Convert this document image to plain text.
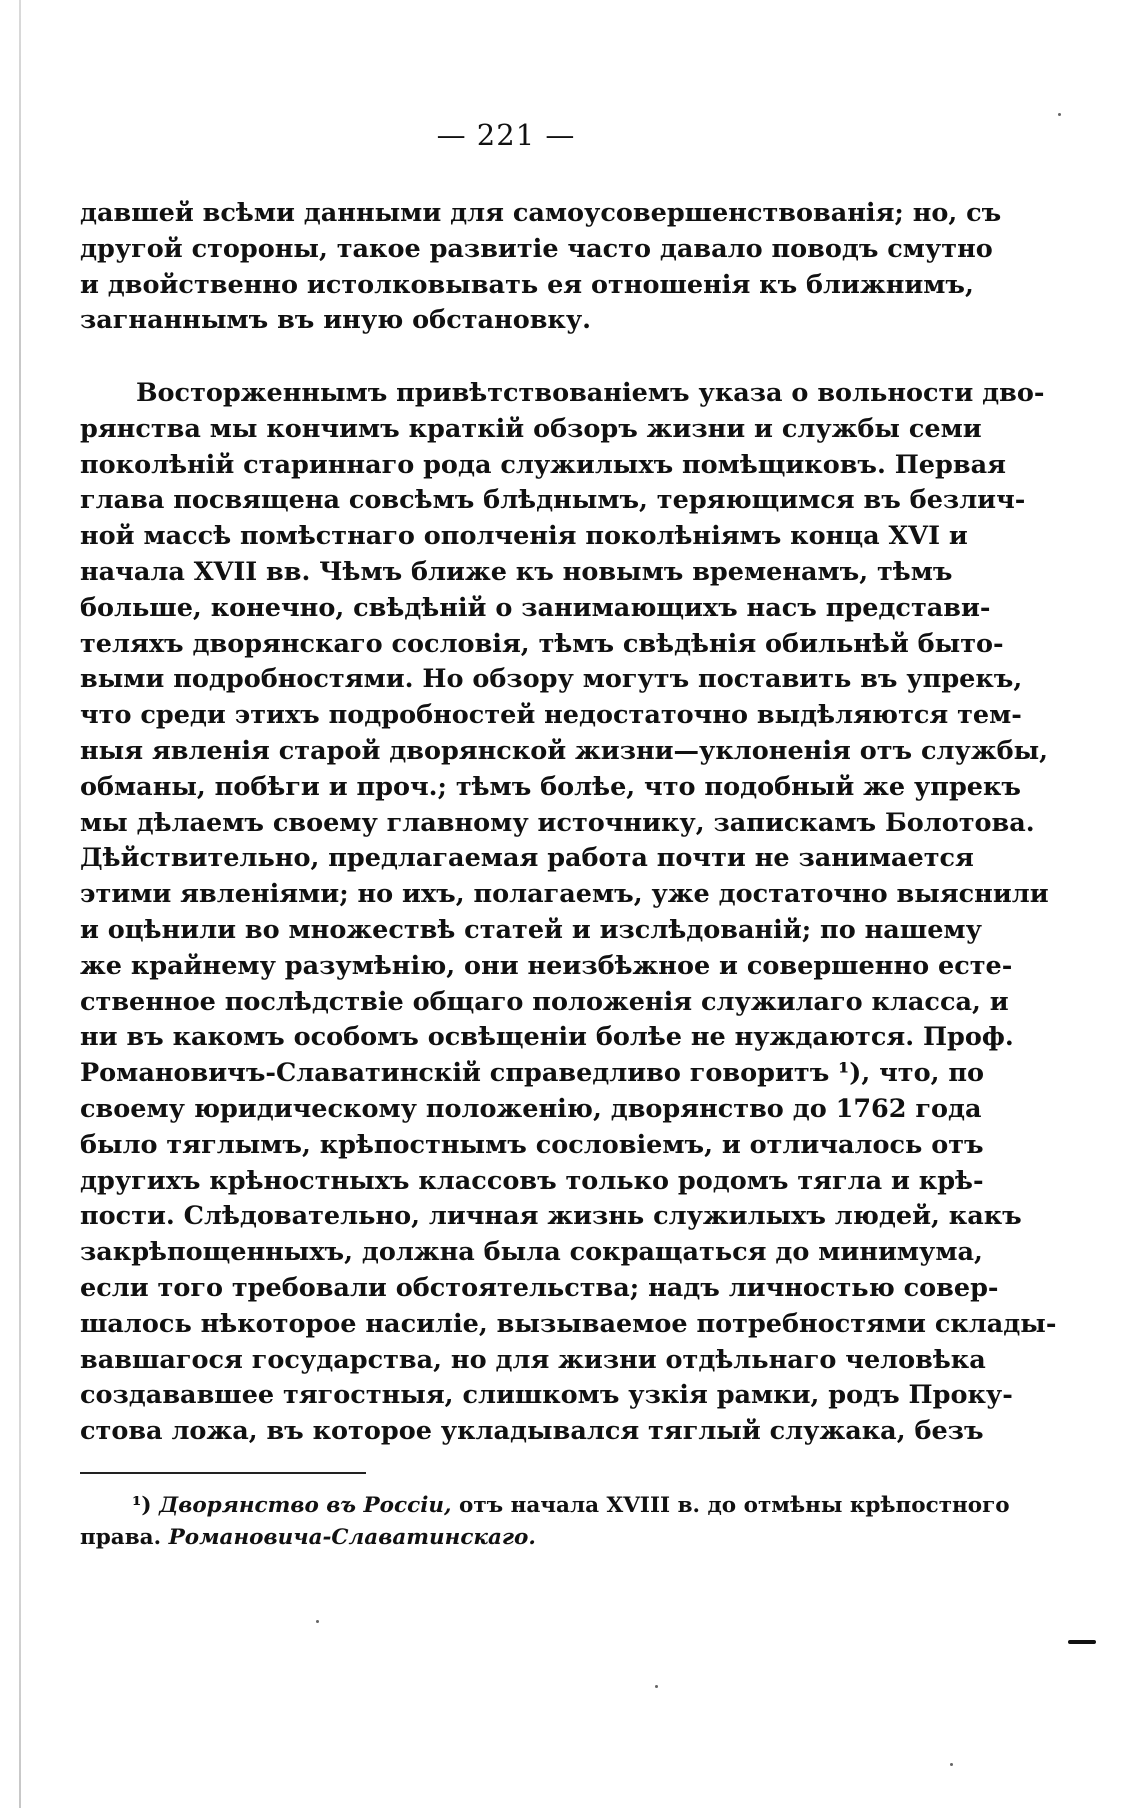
— 221 —
давшей всѣми данными для самоусовершенствованія; но, съ
другой стороны, такое развитіе часто давало поводъ смутно
и двойственно истолковывать ея отношенія къ ближнимъ,
загнаннымъ въ иную обстановку.
Восторженнымъ привѣтствованіемъ указа о вольности дво-
рянства мы кончимъ краткій обзоръ жизни и службы семи
поколѣній стариннаго рода служилыхъ помѣщиковъ. Первая
глава посвящена совсѣмъ блѣднымъ, теряющимся въ безлич-
ной массѣ помѣстнаго ополченія поколѣніямъ конца XVI и
начала XVII вв. Чѣмъ ближе къ новымъ временамъ, тѣмъ
больше, конечно, свѣдѣній о занимающихъ насъ представи-
теляхъ дворянскаго сословія, тѣмъ свѣдѣнія обильнѣй быто-
выми подробностями. Но обзору могутъ поставить въ упрекъ,
что среди этихъ подробностей недостаточно выдѣляются тем-
ныя явленія старой дворянской жизни—уклоненія отъ службы,
обманы, побѣги и проч.; тѣмъ болѣе, что подобный же упрекъ
мы дѣлаемъ своему главному источнику, запискамъ Болотова.
Дѣйствительно, предлагаемая работа почти не занимается
этими явленіями; но ихъ, полагаемъ, уже достаточно выяснили
и оцѣнили во множествѣ статей и изслѣдованій; по нашему
же крайнему разумѣнію, они неизбѣжное и совершенно есте-
ственное послѣдствіе общаго положенія служилаго класса, и
ни въ какомъ особомъ освѣщеніи болѣе не нуждаются. Проф.
Романовичъ-Славатинскій справедливо говоритъ ¹), что, по
своему юридическому положенію, дворянство до 1762 года
было тяглымъ, крѣпостнымъ сословіемъ, и отличалось отъ
другихъ крѣностныхъ классовъ только родомъ тягла и крѣ-
пости. Слѣдовательно, личная жизнь служилыхъ людей, какъ
закрѣпощенныхъ, должна была сокращаться до минимума,
если того требовали обстоятельства; надъ личностью совер-
шалось нѣкоторое насиліе, вызываемое потребностями склады-
вавшагося государства, но для жизни отдѣльнаго человѣка
создававшее тягостныя, слишкомъ узкія рамки, родъ Проку-
стова ложа, въ которое укладывался тяглый служака, безъ
¹) Дворянство въ Россіи, отъ начала XVIII в. до отмѣны крѣпостного
права. Романовича-Славатинскаго.
